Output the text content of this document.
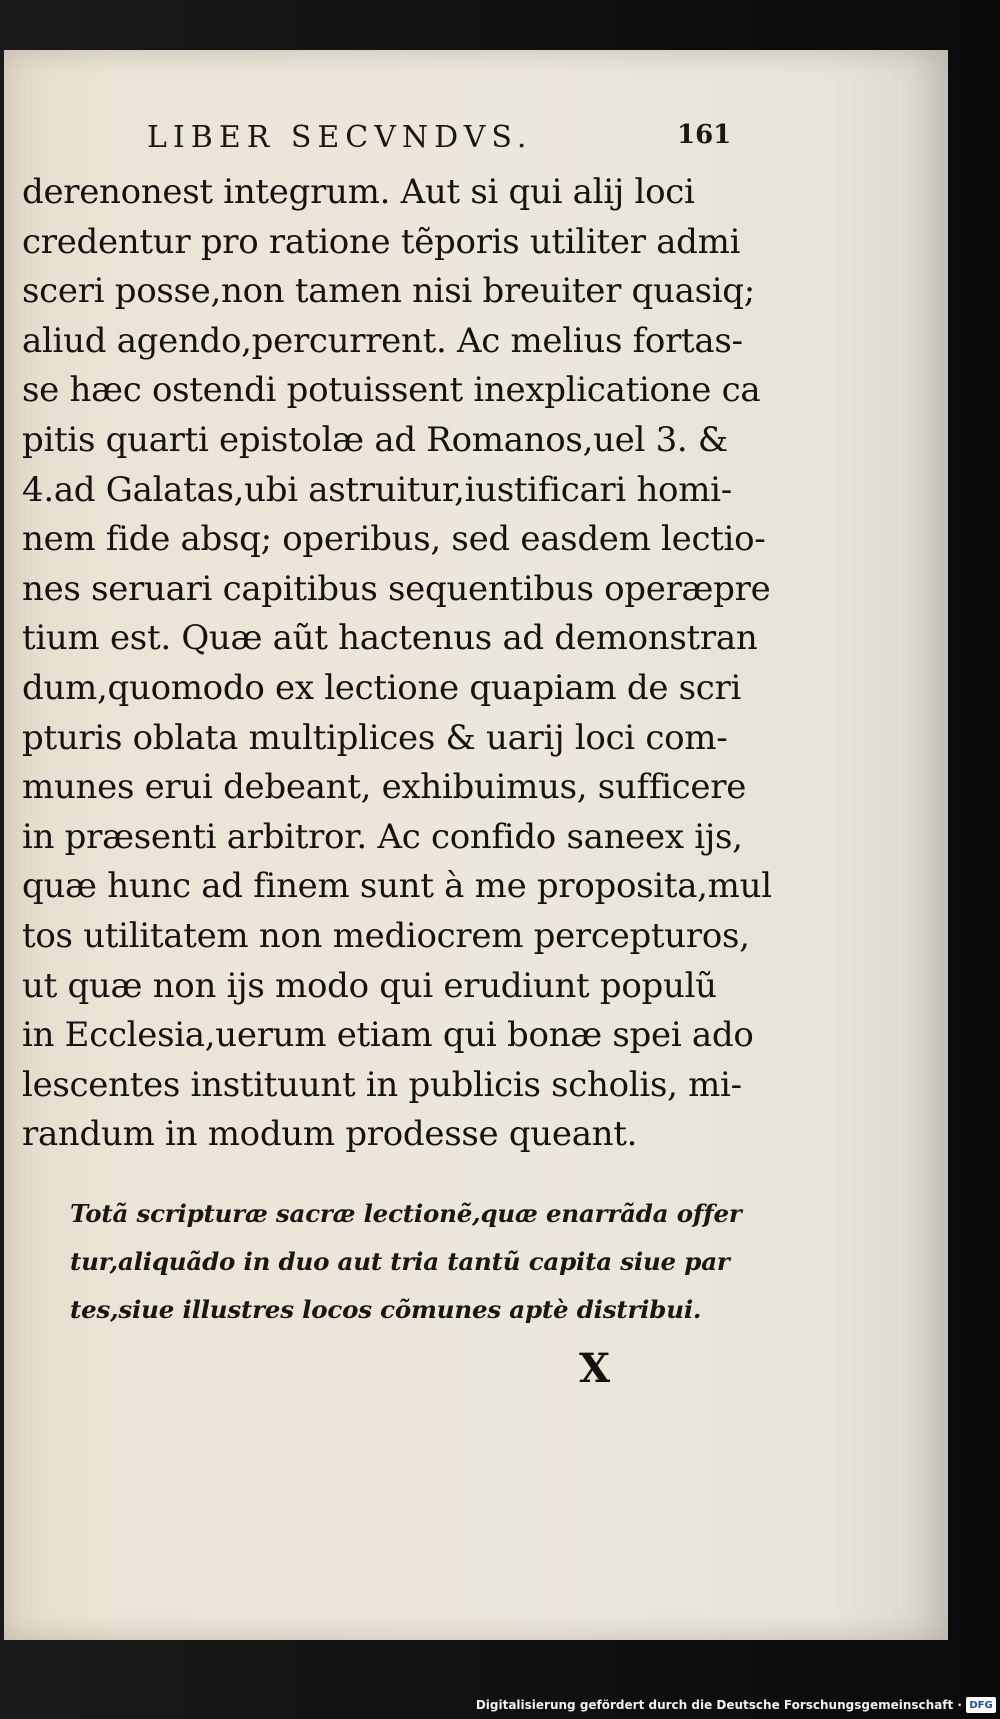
LIBER SECVNDVS.	161
derenonest integrum. Aut si qui alij loci
credentur pro ratione tẽporis utiliter admi
sceri posse,non tamen nisi breuiter quasiq;
aliud agendo,percurrent. Ac melius fortas-
se hæc ostendi potuissent inexplicatione ca
pitis quarti epistolæ ad Romanos,uel 3. &
4.ad Galatas,ubi astruitur,iustificari homi-
nem fide absq; operibus, sed easdem lectio-
nes seruari capitibus sequentibus operæpre
tium est. Quæ aũt hactenus ad demonstran
dum,quomodo ex lectione quapiam de scri
pturis oblata multiplices & uarij loci com-
munes erui debeant, exhibuimus, sufficere
in præsenti arbitror. Ac confido saneex ijs,
quæ hunc ad finem sunt à me proposita,mul
tos utilitatem non mediocrem percepturos,
ut quæ non ijs modo qui erudiunt populũ
in Ecclesia,uerum etiam qui bonæ spei ado
lescentes instituunt in publicis scholis, mi-
randum in modum prodesse queant.
Totã scripturæ sacræ lectionẽ,quæ enarrãda offer
tur,aliquãdo in duo aut tria tantũ capita siue par
tes,siue illustres locos cõmunes aptè distribui.
X
Digitalisierung gefördert durch die Deutsche Forschungsgemeinschaft · DFG
